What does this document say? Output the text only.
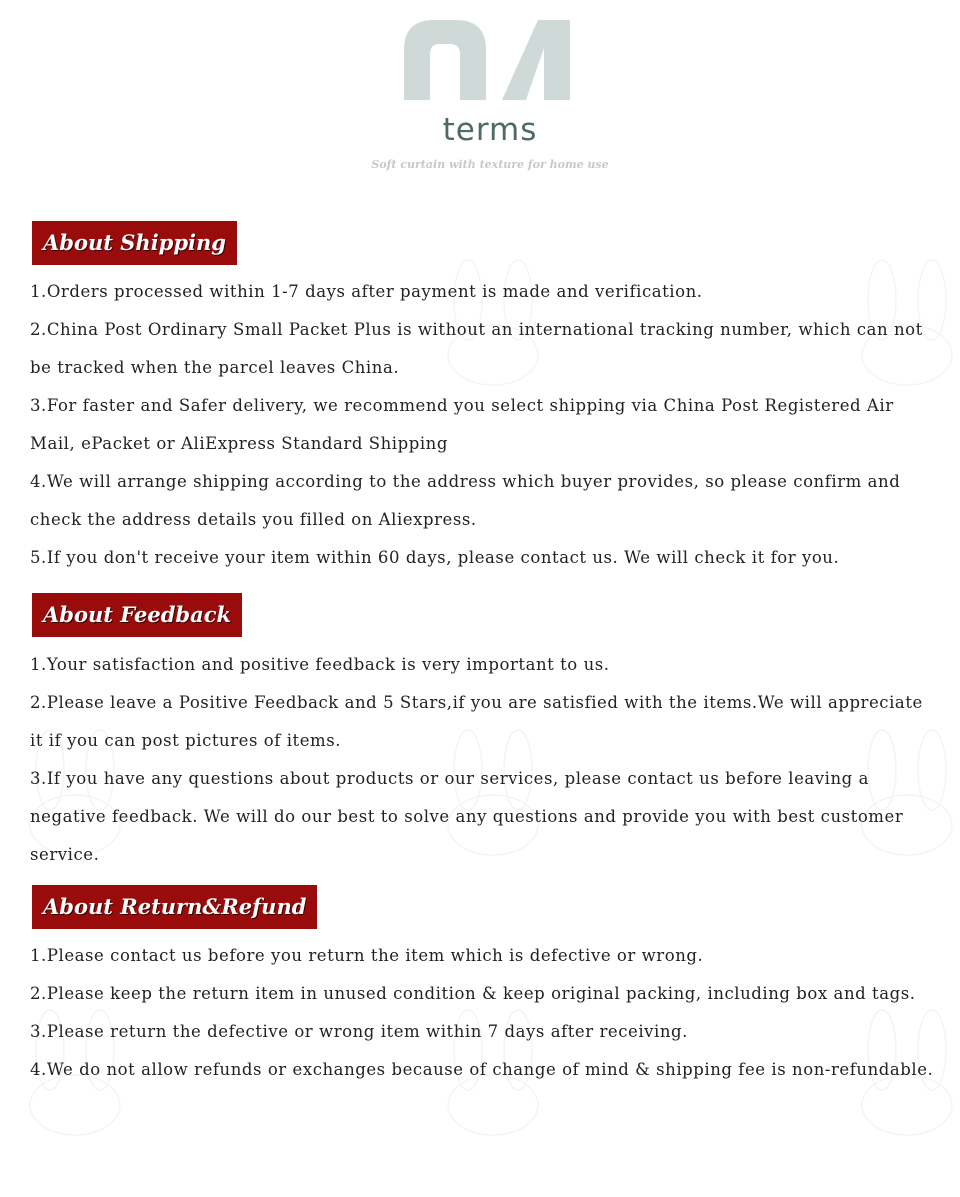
terms
Soft curtain with texture for home use
About Shipping
1.Orders processed within 1-7 days after payment is made and verification.
2.China Post Ordinary Small Packet Plus is without an international tracking number, which can not be tracked when the parcel leaves China.
3.For faster and Safer delivery, we recommend you select shipping via China Post Registered Air Mail, ePacket or AliExpress Standard Shipping
4.We will arrange shipping according to the address which buyer provides, so please confirm and check the address details you filled on Aliexpress.
5.If you don't receive your item within 60 days, please contact us. We will check it for you.
About Feedback
1.Your satisfaction and positive feedback is very important to us.
2.Please leave a Positive Feedback and 5 Stars,if you are satisfied with the items.We will appreciate it if you can post pictures of items.
3.If you have any questions about products or our services, please contact us before leaving a negative feedback. We will do our best to solve any questions and provide you with best customer service.
About Return&Refund
1.Please contact us before you return the item which is defective or wrong.
2.Please keep the return item in unused condition & keep original packing, including box and tags.
3.Please return the defective or wrong item within 7 days after receiving.
4.We do not allow refunds or exchanges because of change of mind & shipping fee is non-refundable.
